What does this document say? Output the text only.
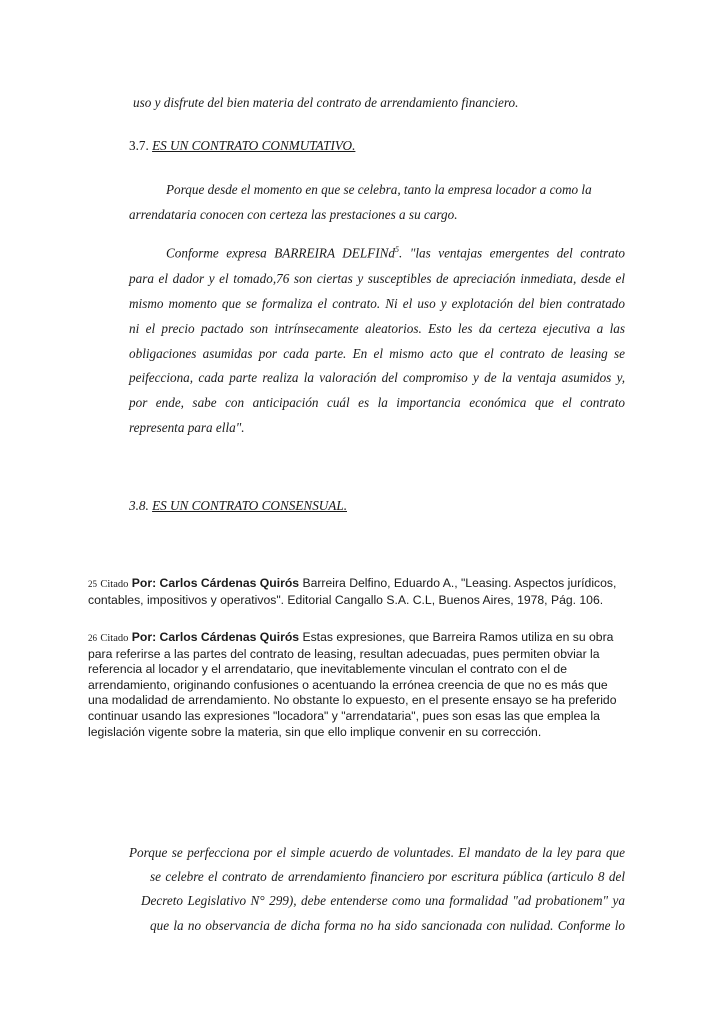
uso y disfrute del bien materia del contrato de arrendamiento financiero.
3.7. ES UN CONTRATO CONMUTATIVO.
Porque desde el momento en que se celebra, tanto la empresa locador a como la
arrendataria conocen con certeza las prestaciones a su cargo.
Conforme expresa BARREIRA DELFINd$^5$. "las ventajas emergentes del contrato
para el dador y el tomado,76 son ciertas y susceptibles de apreciación inmediata, desde el
mismo momento que se formaliza el contrato. Ni el uso y explotación del bien contratado
ni el precio pactado son intrínsecamente aleatorios. Esto les da certeza ejecutiva a las
obligaciones asumidas por cada parte. En el mismo acto que el contrato de leasing se
peifecciona, cada parte realiza la valoración del compromiso y de la ventaja asumidos y,
por ende, sabe con anticipación cuál es la importancia económica que el contrato
representa para ella".
3.8. ES UN CONTRATO CONSENSUAL.
25 Citado Por: Carlos Cárdenas Quirós Barreira Delfino, Eduardo A., "Leasing. Aspectos jurídicos, contables, impositivos y operativos". Editorial Cangallo S.A. C.L, Buenos Aires, 1978, Pág. 106.
26 Citado Por: Carlos Cárdenas Quirós Estas expresiones, que Barreira Ramos utiliza en su obra para referirse a las partes del contrato de leasing, resultan adecuadas, pues permiten obviar la referencia al locador y el arrendatario, que inevitablemente vinculan el contrato con el de arrendamiento, originando confusiones o acentuando la errónea creencia de que no es más que una modalidad de arrendamiento. No obstante lo expuesto, en el presente ensayo se ha preferido continuar usando las expresiones "locadora" y "arrendataria", pues son esas las que emplea la legislación vigente sobre la materia, sin que ello implique convenir en su corrección.
Porque se perfecciona por el simple acuerdo de voluntades. El mandato de la ley para que
se celebre el contrato de arrendamiento financiero por escritura pública (articulo 8 del
Decreto Legislativo N° 299), debe entenderse como una formalidad "ad probationem" ya
que la no observancia de dicha forma no ha sido sancionada con nulidad. Conforme lo
